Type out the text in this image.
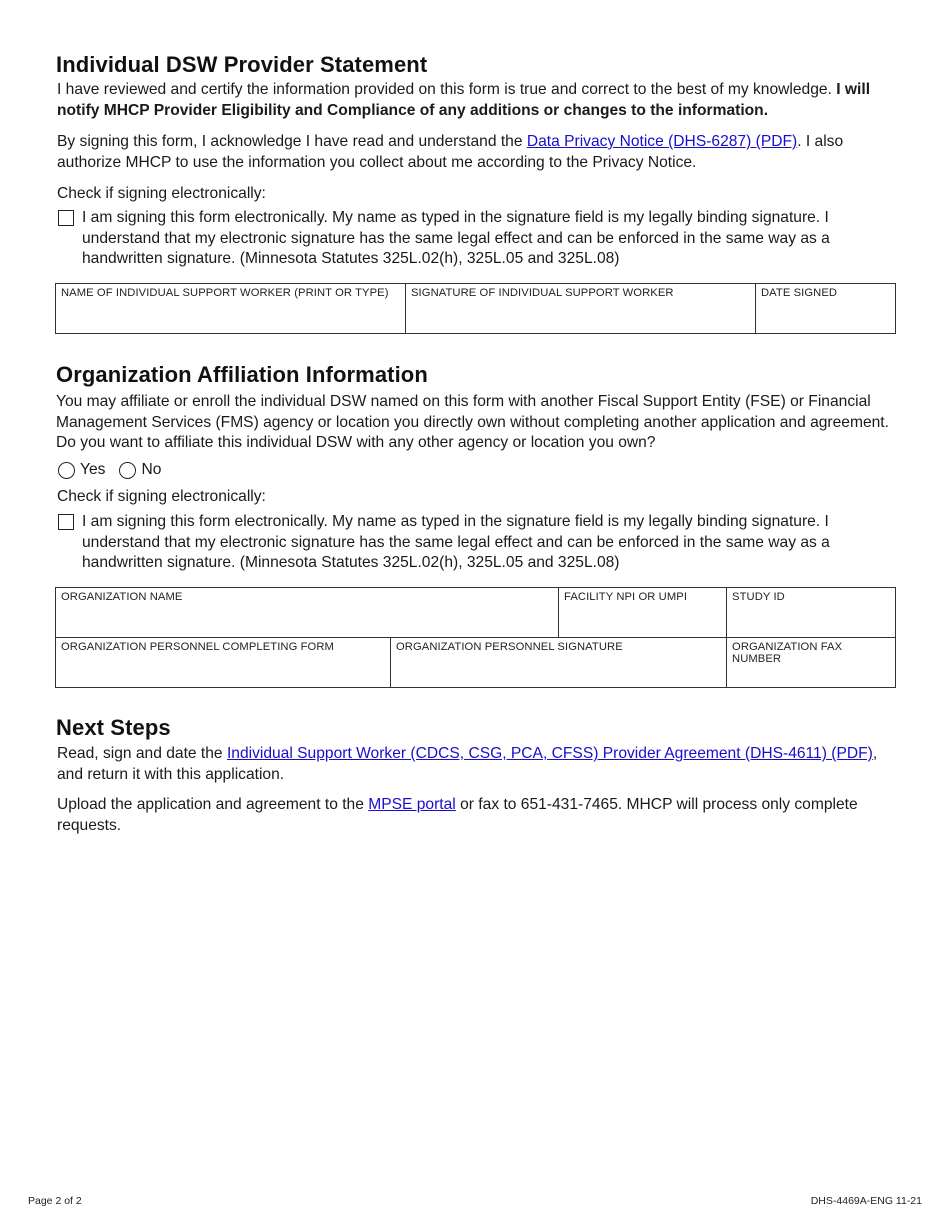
Individual DSW Provider Statement

I have reviewed and certify the information provided on this form is true and correct to the best of my knowledge. I will notify MHCP Provider Eligibility and Compliance of any additions or changes to the information.

By signing this form, I acknowledge I have read and understand the Data Privacy Notice (DHS-6287) (PDF). I also authorize MHCP to use the information you collect about me according to the Privacy Notice.

Check if signing electronically:

I am signing this form electronically. My name as typed in the signature field is my legally binding signature. I understand that my electronic signature has the same legal effect and can be enforced in the same way as a handwritten signature. (Minnesota Statutes 325L.02(h), 325L.05 and 325L.08)
NAME OF INDIVIDUAL SUPPORT WORKER (PRINT OR TYPE)	SIGNATURE OF INDIVIDUAL SUPPORT WORKER	DATE SIGNED
Organization Affiliation Information

You may affiliate or enroll the individual DSW named on this form with another Fiscal Support Entity (FSE) or Financial Management Services (FMS) agency or location you directly own without completing another application and agreement. Do you want to affiliate this individual DSW with any other agency or location you own?

Yes No

Check if signing electronically:

I am signing this form electronically. My name as typed in the signature field is my legally binding signature. I understand that my electronic signature has the same legal effect and can be enforced in the same way as a handwritten signature. (Minnesota Statutes 325L.02(h), 325L.05 and 325L.08)
ORGANIZATION NAME		FACILITY NPI OR UMPI	STUDY ID
ORGANIZATION PERSONNEL COMPLETING FORM	ORGANIZATION PERSONNEL SIGNATURE		ORGANIZATION FAX NUMBER
Next Steps

Read, sign and date the Individual Support Worker (CDCS, CSG, PCA, CFSS) Provider Agreement (DHS-4611) (PDF), and return it with this application.

Upload the application and agreement to the MPSE portal or fax to 651-431-7465. MHCP will process only complete requests.

Page 2 of 2	DHS-4469A-ENG 11-21
